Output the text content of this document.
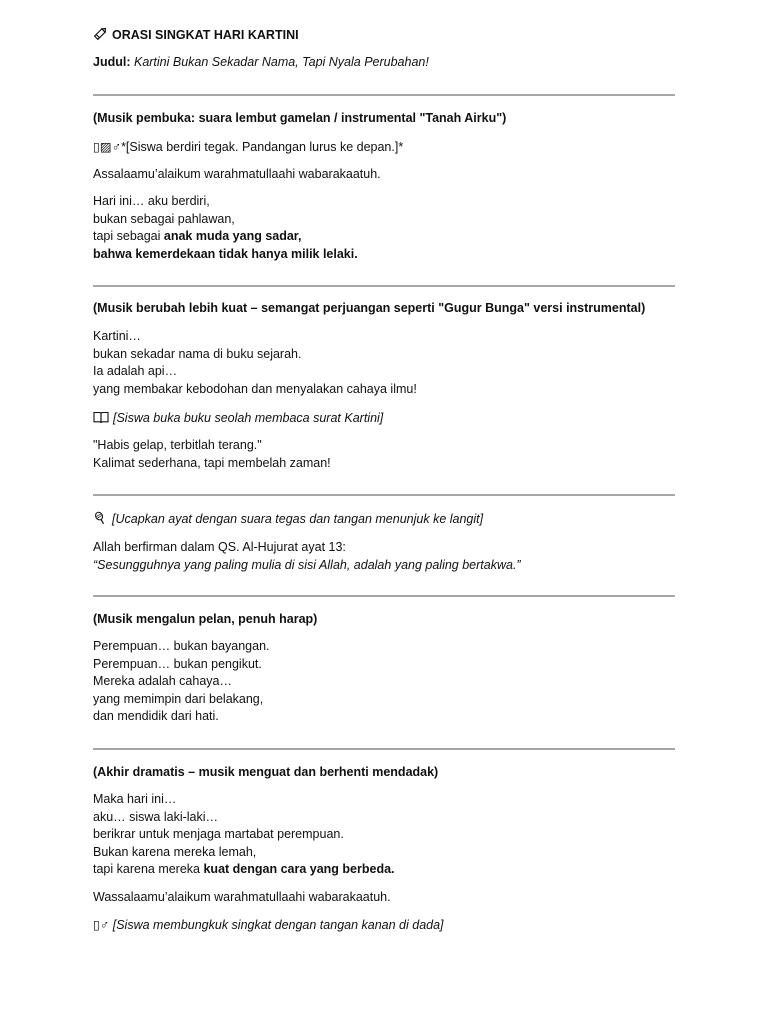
ORASI SINGKAT HARI KARTINI
Judul: Kartini Bukan Sekadar Nama, Tapi Nyala Perubahan!
(Musik pembuka: suara lembut gamelan / instrumental "Tanah Airku")
▯▨♂*[Siswa berdiri tegak. Pandangan lurus ke depan.]*
Assalaamu’alaikum warahmatullaahi wabarakaatuh.
Hari ini… aku berdiri,
bukan sebagai pahlawan,
tapi sebagai anak muda yang sadar,
bahwa kemerdekaan tidak hanya milik lelaki.
(Musik berubah lebih kuat – semangat perjuangan seperti "Gugur Bunga" versi instrumental)
Kartini…
bukan sekadar nama di buku sejarah.
Ia adalah api…
yang membakar kebodohan dan menyalakan cahaya ilmu!
[Siswa buka buku seolah membaca surat Kartini]
"Habis gelap, terbitlah terang."
Kalimat sederhana, tapi membelah zaman!
[Ucapkan ayat dengan suara tegas dan tangan menunjuk ke langit]
Allah berfirman dalam QS. Al-Hujurat ayat 13:
“Sesungguhnya yang paling mulia di sisi Allah, adalah yang paling bertakwa.”
(Musik mengalun pelan, penuh harap)
Perempuan… bukan bayangan.
Perempuan… bukan pengikut.
Mereka adalah cahaya…
yang memimpin dari belakang,
dan mendidik dari hati.
(Akhir dramatis – musik menguat dan berhenti mendadak)
Maka hari ini…
aku… siswa laki-laki…
berikrar untuk menjaga martabat perempuan.
Bukan karena mereka lemah,
tapi karena mereka kuat dengan cara yang berbeda.
Wassalaamu’alaikum warahmatullaahi wabarakaatuh.
▯♂ [Siswa membungkuk singkat dengan tangan kanan di dada]
